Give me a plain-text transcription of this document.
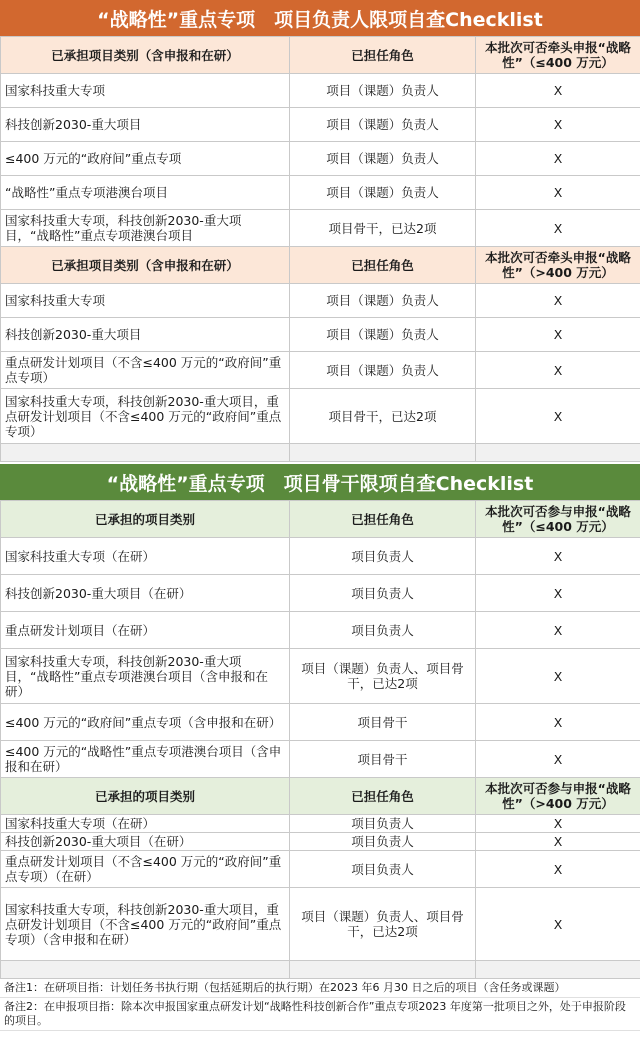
“战略性”重点专项　项目负责人限项自查Checklist
已承担项目类别（含申报和在研）	已担任角色	本批次可否牵头申报“战略性”（≤400 万元）
国家科技重大专项	项目（课题）负责人	X
科技创新2030-重大项目	项目（课题）负责人	X
≤400 万元的“政府间”重点专项	项目（课题）负责人	X
“战略性”重点专项港澳台项目	项目（课题）负责人	X
国家科技重大专项，科技创新2030-重大项目，“战略性”重点专项港澳台项目	项目骨干，已达2项	X
已承担项目类别（含申报和在研）	已担任角色	本批次可否牵头申报“战略性”（>400 万元）
国家科技重大专项	项目（课题）负责人	X
科技创新2030-重大项目	项目（课题）负责人	X
重点研发计划项目（不含≤400 万元的“政府间”重点专项）	项目（课题）负责人	X
国家科技重大专项，科技创新2030-重大项目，重点研发计划项目（不含≤400 万元的“政府间”重点专项）	项目骨干，已达2项	X

“战略性”重点专项　项目骨干限项自查Checklist
已承担的项目类别	已担任角色	本批次可否参与申报“战略性”（≤400 万元）
国家科技重大专项（在研）	项目负责人	X
科技创新2030-重大项目（在研）	项目负责人	X
重点研发计划项目（在研）	项目负责人	X
国家科技重大专项，科技创新2030-重大项目，“战略性”重点专项港澳台项目（含申报和在研）	项目（课题）负责人、项目骨干，已达2项	X
≤400 万元的“政府间”重点专项（含申报和在研）	项目骨干	X
≤400 万元的“战略性”重点专项港澳台项目（含申报和在研）	项目骨干	X
已承担的项目类别	已担任角色	本批次可否参与申报“战略性”（>400 万元）
国家科技重大专项（在研）	项目负责人	X
科技创新2030-重大项目（在研）	项目负责人	X
重点研发计划项目（不含≤400 万元的“政府间”重点专项）（在研）	项目负责人	X
国家科技重大专项，科技创新2030-重大项目，重点研发计划项目（不含≤400 万元的“政府间”重点专项）（含申报和在研）	项目（课题）负责人、项目骨干，已达2项	X

备注1：在研项目指：计划任务书执行期（包括延期后的执行期）在2023 年6 月30 日之后的项目（含任务或课题）
备注2：在申报项目指：除本次申报国家重点研发计划“战略性科技创新合作”重点专项2023 年度第一批项目之外，处于申报阶段的项目。
